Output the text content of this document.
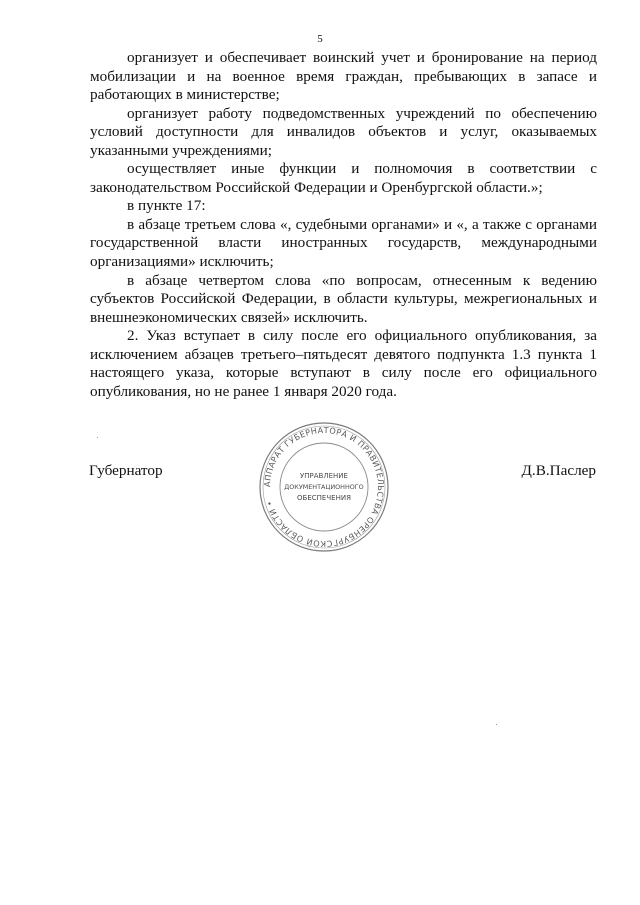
5

организует и обеспечивает воинский учет и бронирование на период мобилизации и на военное время граждан, пребывающих в запасе и работающих в министерстве;

организует работу подведомственных учреждений по обеспечению условий доступности для инвалидов объектов и услуг, оказываемых указанными учреждениями;

осуществляет иные функции и полномочия в соответствии с законодательством Российской Федерации и Оренбургской области.»;

в пункте 17:

в абзаце третьем слова «, судебными органами» и «, а также с органами государственной власти иностранных государств, международными организациями» исключить;

в абзаце четвертом слова «по вопросам, отнесенным к ведению субъектов Российской Федерации, в области культуры, межрегиональных и внешнеэкономических связей» исключить.

2. Указ вступает в силу после его официального опубликования, за исключением абзацев третьего–пятьдесят девятого подпункта 1.3 пункта 1 настоящего указа, которые вступают в силу после его официального опубликования, но не ранее 1 января 2020 года.

Губернатор	Д.В.Паслер
АППАРАТ ГУБЕРНАТОРА И ПРАВИТЕЛЬСТВА ОРЕНБУРГСКОЙ ОБЛАСТИ •
УПРАВЛЕНИЕ
ДОКУМЕНТАЦИОННОГО
ОБЕСПЕЧЕНИЯ
